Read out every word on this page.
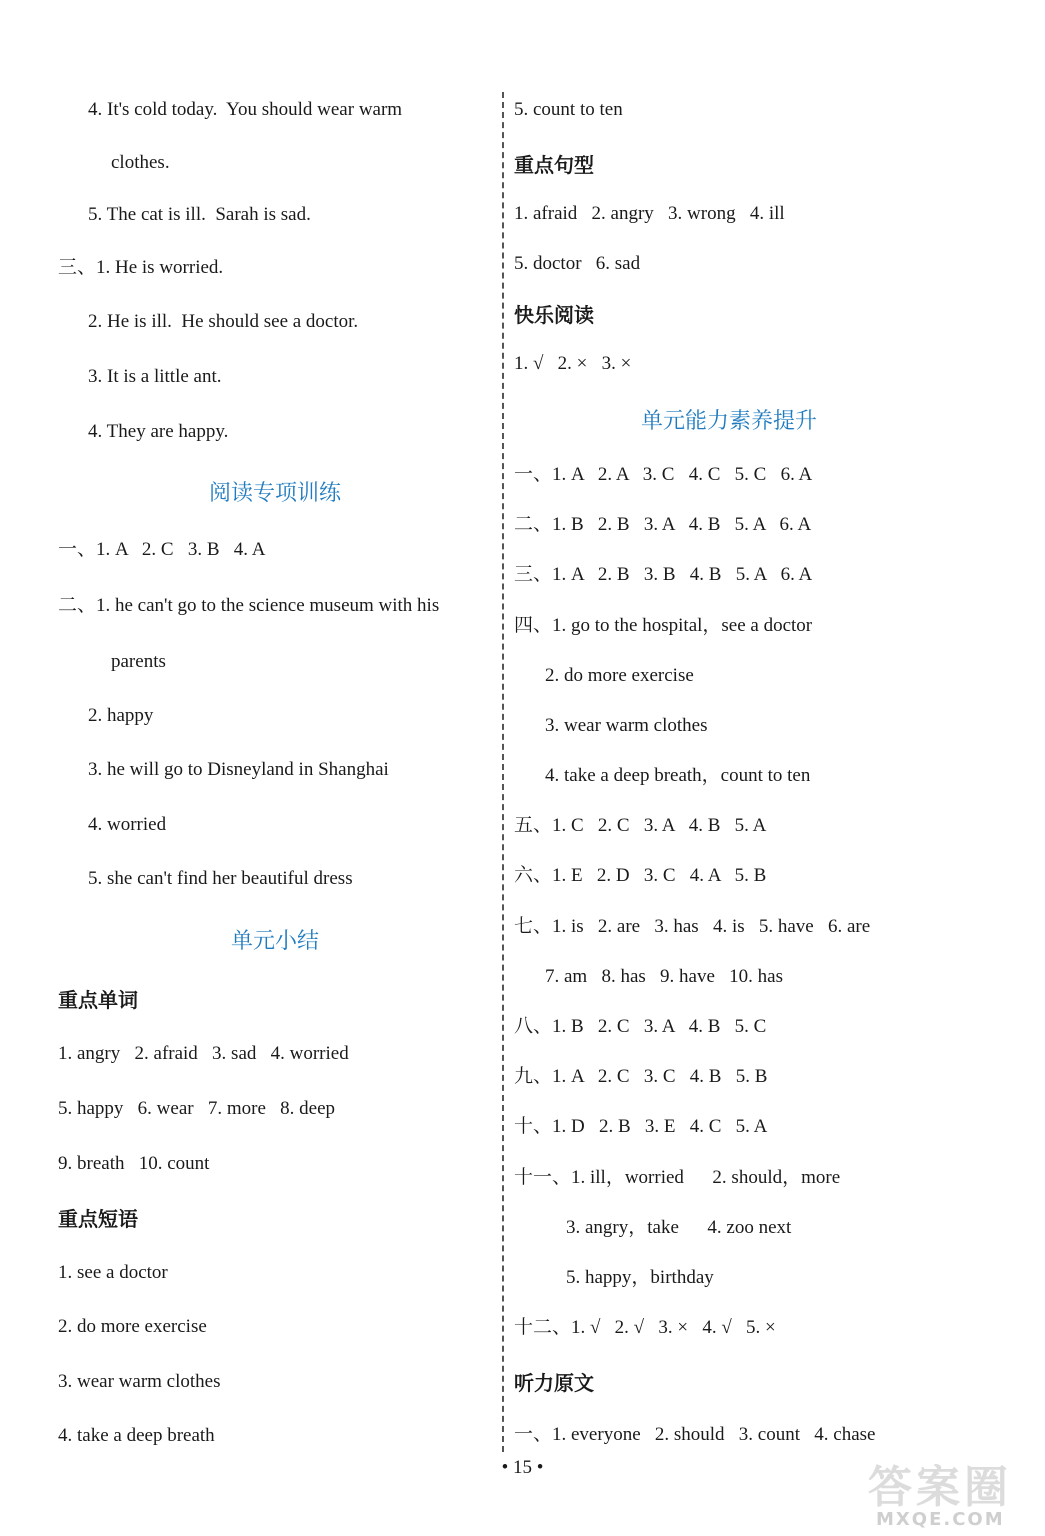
4. It's cold today.  You should wear warm
clothes.
5. The cat is ill.  Sarah is sad.
三、1. He is worried.
2. He is ill.  He should see a doctor.
3. It is a little ant.
4. They are happy.
阅读专项训练
一、1. A   2. C   3. B   4. A
二、1. he can't go to the science museum with his
parents
2. happy
3. he will go to Disneyland in Shanghai
4. worried
5. she can't find her beautiful dress
单元小结
重点单词
1. angry   2. afraid   3. sad   4. worried
5. happy   6. wear   7. more   8. deep
9. breath   10. count
重点短语
1. see a doctor
2. do more exercise
3. wear warm clothes
4. take a deep breath
5. count to ten
重点句型
1. afraid   2. angry   3. wrong   4. ill
5. doctor   6. sad
快乐阅读
1. √   2. ×   3. ×
单元能力素养提升
一、1. A   2. A   3. C   4. C   5. C   6. A
二、1. B   2. B   3. A   4. B   5. A   6. A
三、1. A   2. B   3. B   4. B   5. A   6. A
四、1. go to the hospital，see a doctor
2. do more exercise
3. wear warm clothes
4. take a deep breath，count to ten
五、1. C   2. C   3. A   4. B   5. A
六、1. E   2. D   3. C   4. A   5. B
七、1. is   2. are   3. has   4. is   5. have   6. are
7. am   8. has   9. have   10. has
八、1. B   2. C   3. A   4. B   5. C
九、1. A   2. C   3. C   4. B   5. B
十、1. D   2. B   3. E   4. C   5. A
十一、1. ill，worried      2. should，more
3. angry，take      4. zoo next
5. happy，birthday
十二、1. √   2. √   3. ×   4. √   5. ×
听力原文
一、1. everyone   2. should   3. count   4. chase
• 15 •	答案圈
MXQE.COM
